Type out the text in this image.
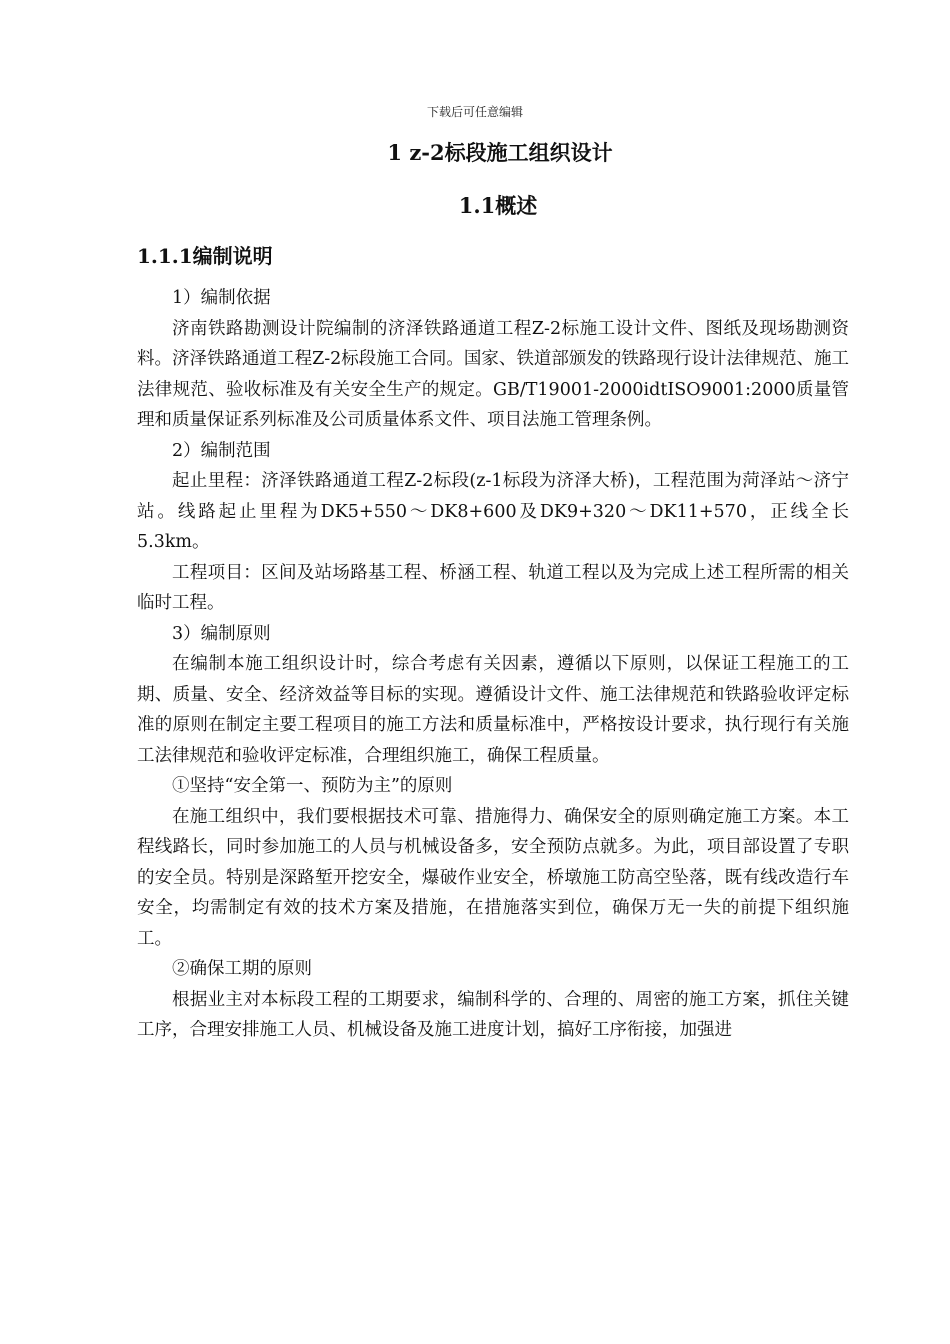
下载后可任意编辑
1 z-2标段施工组织设计
1.1概述
1.1.1编制说明

1）编制依据

济南铁路勘测设计院编制的济泽铁路通道工程Z-2标施工设计文件、图纸及现场勘测资料。济泽铁路通道工程Z-2标段施工合同。国家、铁道部颁发的铁路现行设计法律规范、施工法律规范、验收标准及有关安全生产的规定。GB/T19001-2000idtISO9001:2000质量管理和质量保证系列标准及公司质量体系文件、项目法施工管理条例。

2）编制范围

起止里程：济泽铁路通道工程Z-2标段(z-1标段为济泽大桥)，工程范围为菏泽站～济宁站。线路起止里程为DK5+550～DK8+600及DK9+320～DK11+570，正线全长5.3km。

工程项目：区间及站场路基工程、桥涵工程、轨道工程以及为完成上述工程所需的相关临时工程。

3）编制原则

在编制本施工组织设计时，综合考虑有关因素，遵循以下原则，以保证工程施工的工期、质量、安全、经济效益等目标的实现。遵循设计文件、施工法律规范和铁路验收评定标准的原则在制定主要工程项目的施工方法和质量标准中，严格按设计要求，执行现行有关施工法律规范和验收评定标准，合理组织施工，确保工程质量。

①坚持“安全第一、预防为主”的原则

在施工组织中，我们要根据技术可靠、措施得力、确保安全的原则确定施工方案。本工程线路长，同时参加施工的人员与机械设备多，安全预防点就多。为此，项目部设置了专职的安全员。特别是深路堑开挖安全，爆破作业安全，桥墩施工防高空坠落，既有线改造行车安全，均需制定有效的技术方案及措施，在措施落实到位，确保万无一失的前提下组织施工。

②确保工期的原则

根据业主对本标段工程的工期要求，编制科学的、合理的、周密的施工方案，抓住关键工序，合理安排施工人员、机械设备及施工进度计划，搞好工序衔接，加强进
